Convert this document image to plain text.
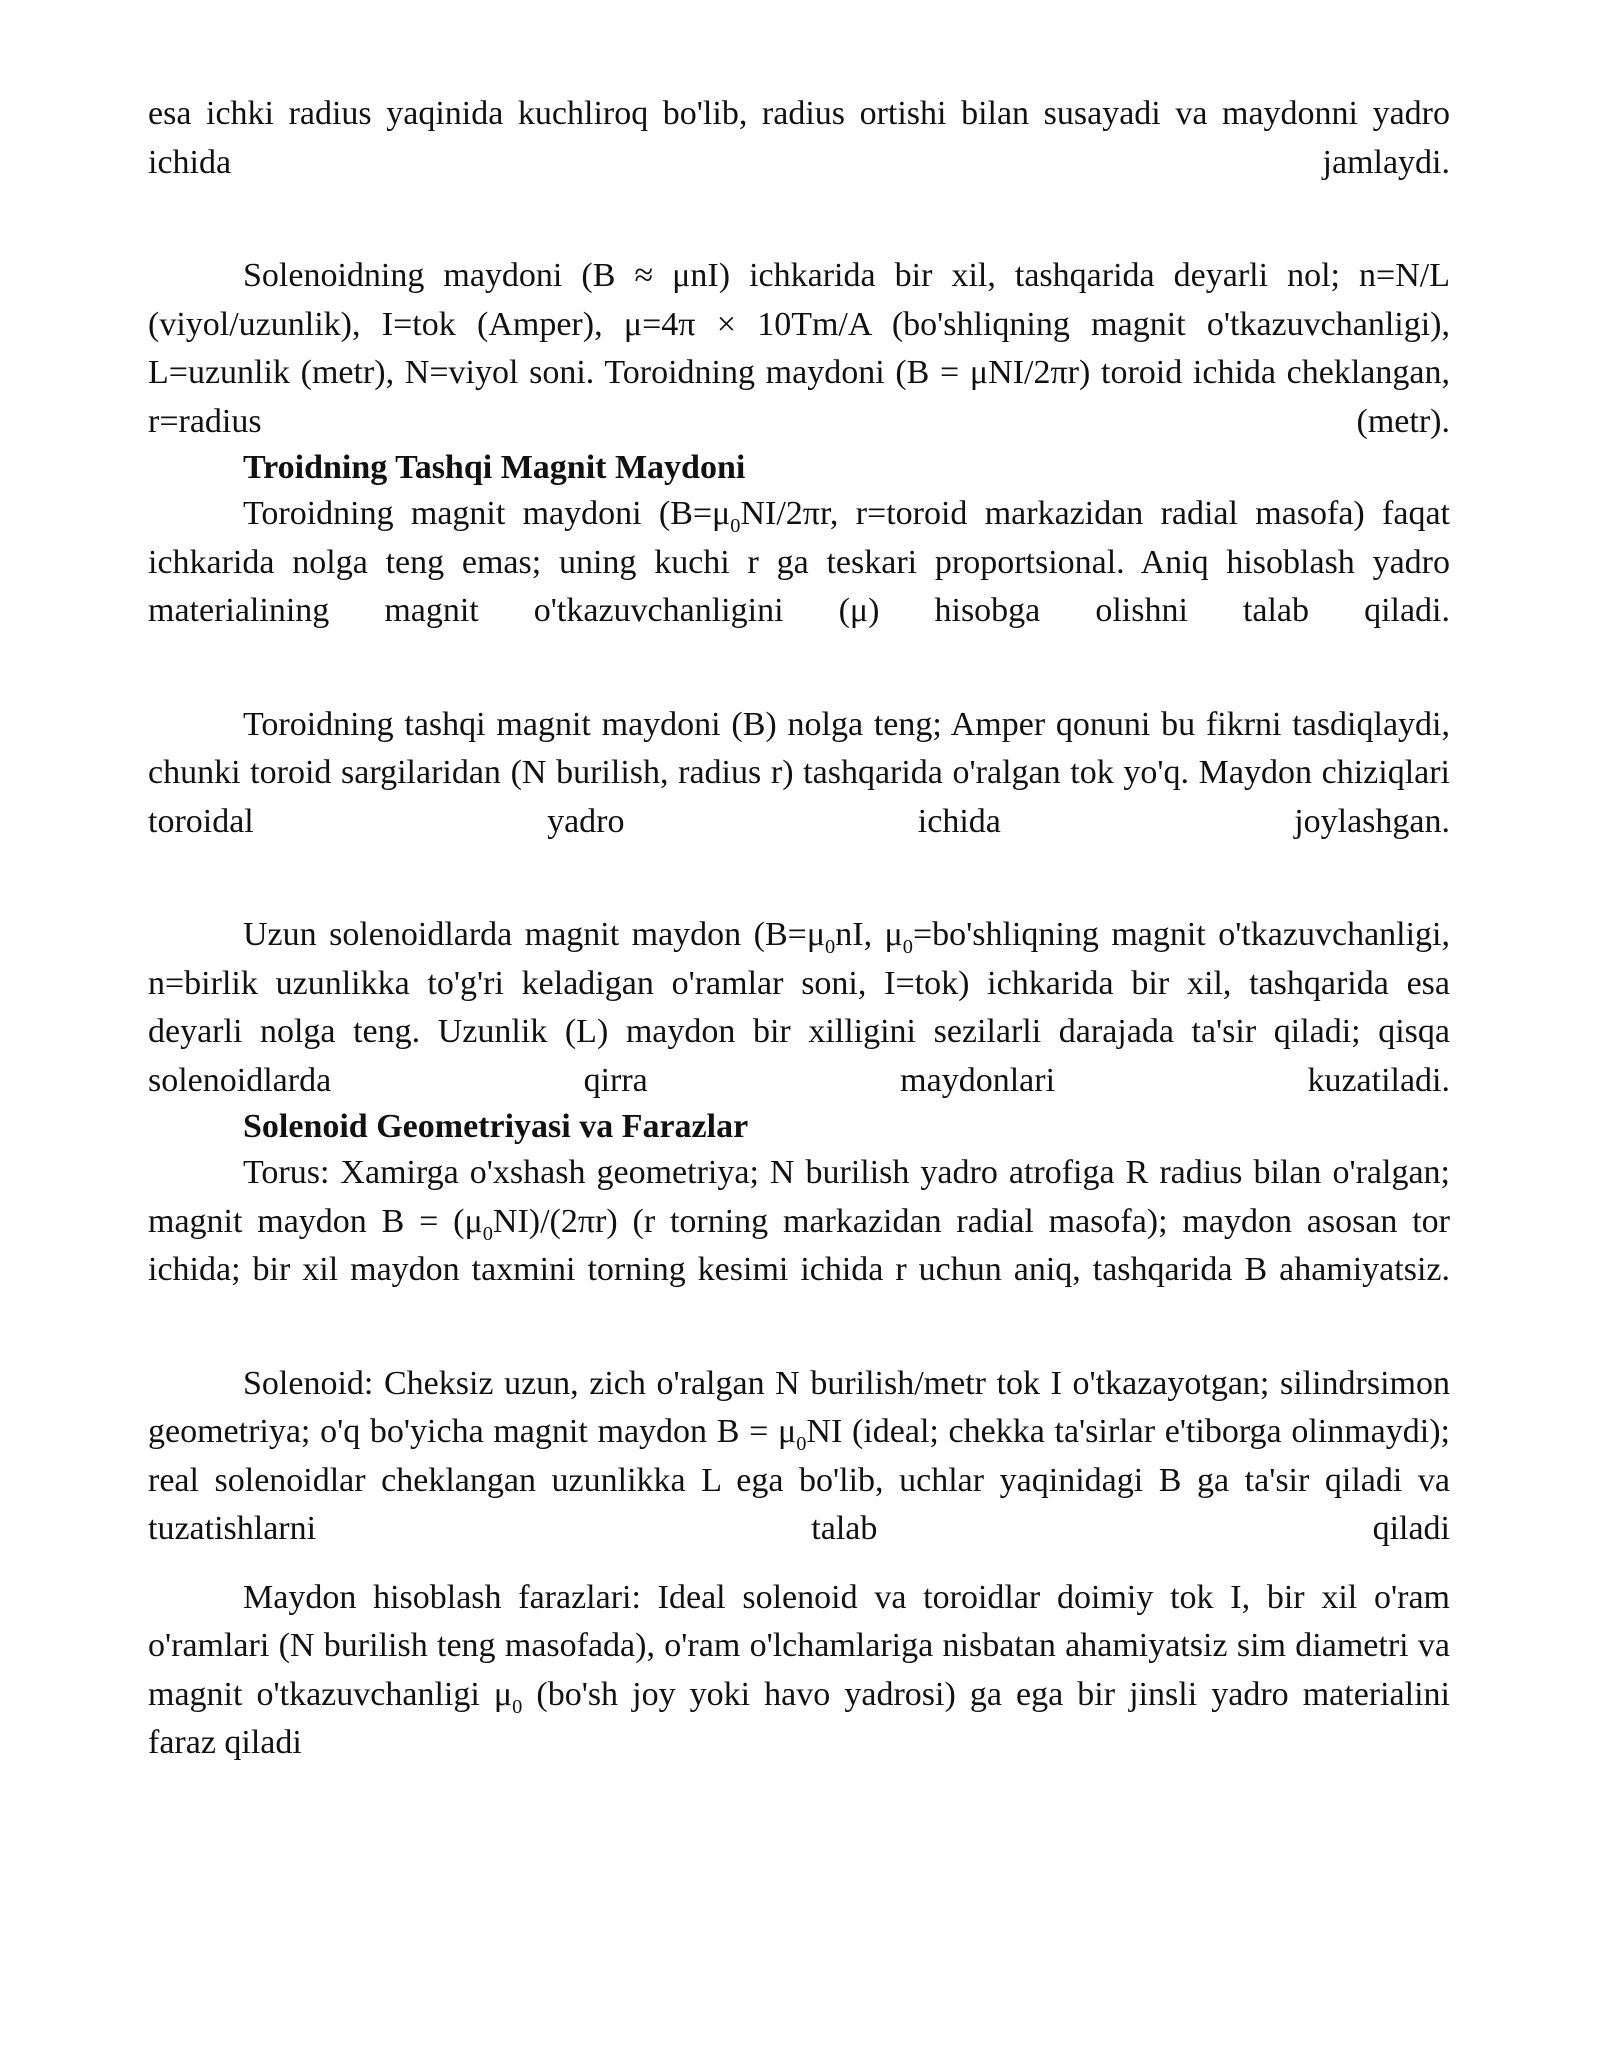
esa ichki radius yaqinida kuchliroq bo'lib, radius ortishi bilan susayadi va maydonni yadro ichida jamlaydi.

Solenoidning maydoni (B ≈ μnI) ichkarida bir xil, tashqarida deyarli nol; n=N/L (viyol/uzunlik), I=tok (Amper), μ=4π × 10Tm/A (bo'shliqning magnit o'tkazuvchanligi), L=uzunlik (metr), N=viyol soni. Toroidning maydoni (B = μNI/2πr) toroid ichida cheklangan, r=radius (metr).

Troidning Tashqi Magnit Maydoni

Toroidning magnit maydoni ($B=\mu_0NI/2\pi r$, r=toroid markazidan radial masofa) faqat ichkarida nolga teng emas; uning kuchi r ga teskari proportsional. Aniq hisoblash yadro materialining magnit o'tkazuvchanligini (μ) hisobga olishni talab qiladi.

Toroidning tashqi magnit maydoni (B) nolga teng; Amper qonuni bu fikrni tasdiqlaydi, chunki toroid sargilaridan (N burilish, radius r) tashqarida o'ralgan tok yo'q. Maydon chiziqlari toroidal yadro ichida joylashgan.

Uzun solenoidlarda magnit maydon ($B=\mu_0nI$, $\mu_0=bo'shliqning$ magnit o'tkazuvchanligi, n=birlik uzunlikka to'g'ri keladigan o'ramlar soni, I=tok) ichkarida bir xil, tashqarida esa deyarli nolga teng. Uzunlik (L) maydon bir xilligini sezilarli darajada ta'sir qiladi; qisqa solenoidlarda qirra maydonlari kuzatiladi.

Solenoid Geometriyasi va Farazlar

Torus: Xamirga o'xshash geometriya; N burilish yadro atrofiga R radius bilan o'ralgan; magnit maydon $B = (\mu_0NI)/(2\pi r)$ (r torning markazidan radial masofa); maydon asosan tor ichida; bir xil maydon taxmini torning kesimi ichida r uchun aniq, tashqarida B ahamiyatsiz.

Solenoid: Cheksiz uzun, zich o'ralgan N burilish/metr tok I o'tkazayotgan; silindrsimon geometriya; o'q bo'yicha magnit maydon $B = \mu_0NI$ (ideal; chekka ta'sirlar e'tiborga olinmaydi); real solenoidlar cheklangan uzunlikka L ega bo'lib, uchlar yaqinidagi B ga ta'sir qiladi va tuzatishlarni talab qiladi

Maydon hisoblash farazlari: Ideal solenoid va toroidlar doimiy tok I, bir xil o'ram o'ramlari (N burilish teng masofada), o'ram o'lchamlariga nisbatan ahamiyatsiz sim diametri va magnit o'tkazuvchanligi $\mu_0$ (bo'sh joy yoki havo yadrosi) ga ega bir jinsli yadro materialini faraz qiladi
